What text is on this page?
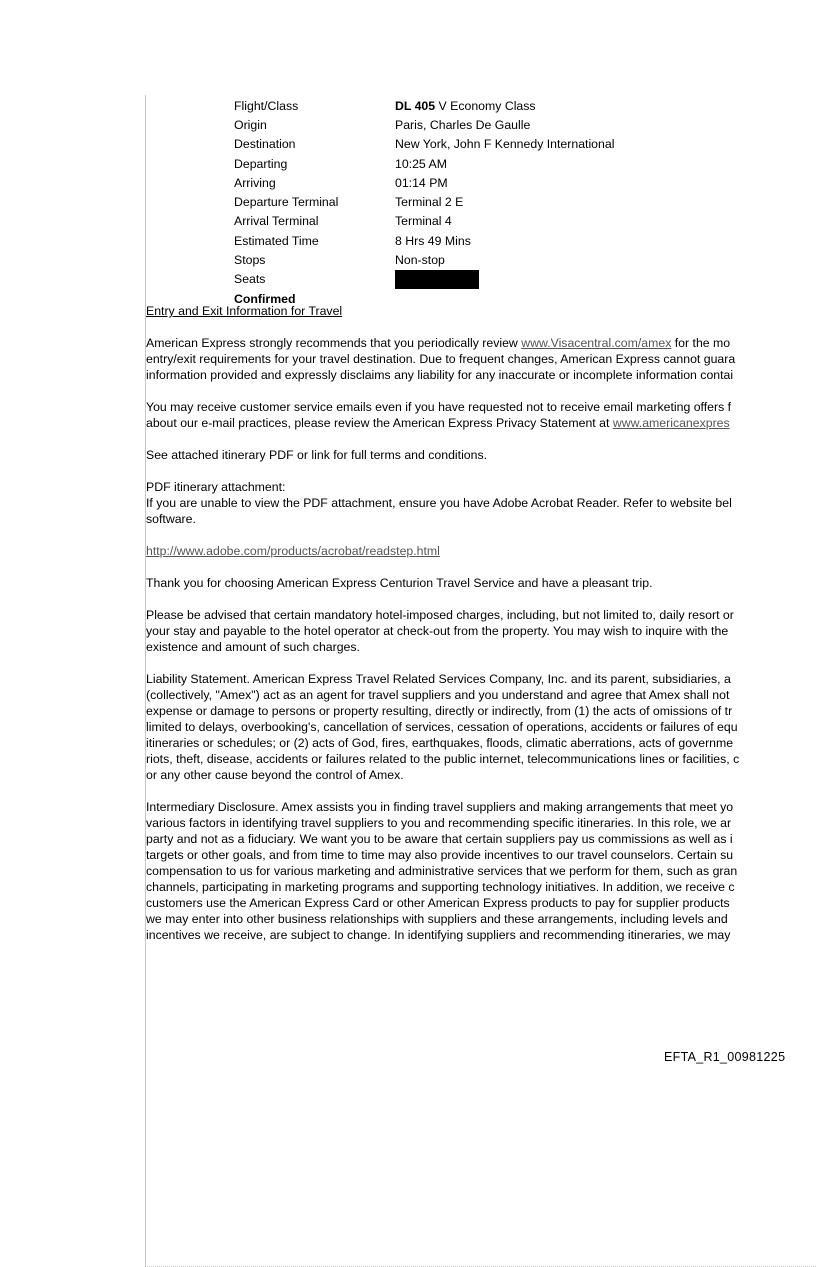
Flight/Class	DL 405 V Economy Class
Origin	Paris, Charles De Gaulle
Destination	New York, John F Kennedy International
Departing	10:25 AM
Arriving	01:14 PM
Departure Terminal	Terminal 2 E
Arrival Terminal	Terminal 4
Estimated Time	8 Hrs 49 Mins
Stops	Non-stop
Seats
Confirmed

Entry and Exit Information for Travel

American Express strongly recommends that you periodically review www.Visacentral.com/amex for the mo
entry/exit requirements for your travel destination. Due to frequent changes, American Express cannot guara
information provided and expressly disclaims any liability for any inaccurate or incomplete information contai

You may receive customer service emails even if you have requested not to receive email marketing offers f
about our e-mail practices, please review the American Express Privacy Statement at www.americanexpres

See attached itinerary PDF or link for full terms and conditions.

PDF itinerary attachment:
If you are unable to view the PDF attachment, ensure you have Adobe Acrobat Reader. Refer to website bel
software.

http://www.adobe.com/products/acrobat/readstep.html

Thank you for choosing American Express Centurion Travel Service and have a pleasant trip.

Please be advised that certain mandatory hotel-imposed charges, including, but not limited to, daily resort or
your stay and payable to the hotel operator at check-out from the property. You may wish to inquire with the
existence and amount of such charges.

Liability Statement. American Express Travel Related Services Company, Inc. and its parent, subsidiaries, a
(collectively, "Amex") act as an agent for travel suppliers and you understand and agree that Amex shall not
expense or damage to persons or property resulting, directly or indirectly, from (1) the acts of omissions of tr
limited to delays, overbooking's, cancellation of services, cessation of operations, accidents or failures of equ
itineraries or schedules; or (2) acts of God, fires, earthquakes, floods, climatic aberrations, acts of governme
riots, theft, disease, accidents or failures related to the public internet, telecommunications lines or facilities, c
or any other cause beyond the control of Amex.

Intermediary Disclosure. Amex assists you in finding travel suppliers and making arrangements that meet yo
various factors in identifying travel suppliers to you and recommending specific itineraries. In this role, we ar
party and not as a fiduciary. We want you to be aware that certain suppliers pay us commissions as well as i
targets or other goals, and from time to time may also provide incentives to our travel counselors. Certain su
compensation to us for various marketing and administrative services that we perform for them, such as gran
channels, participating in marketing programs and supporting technology initiatives. In addition, we receive c
customers use the American Express Card or other American Express products to pay for supplier products
we may enter into other business relationships with suppliers and these arrangements, including levels and
incentives we receive, are subject to change. In identifying suppliers and recommending itineraries, we may

EFTA_R1_00981225
